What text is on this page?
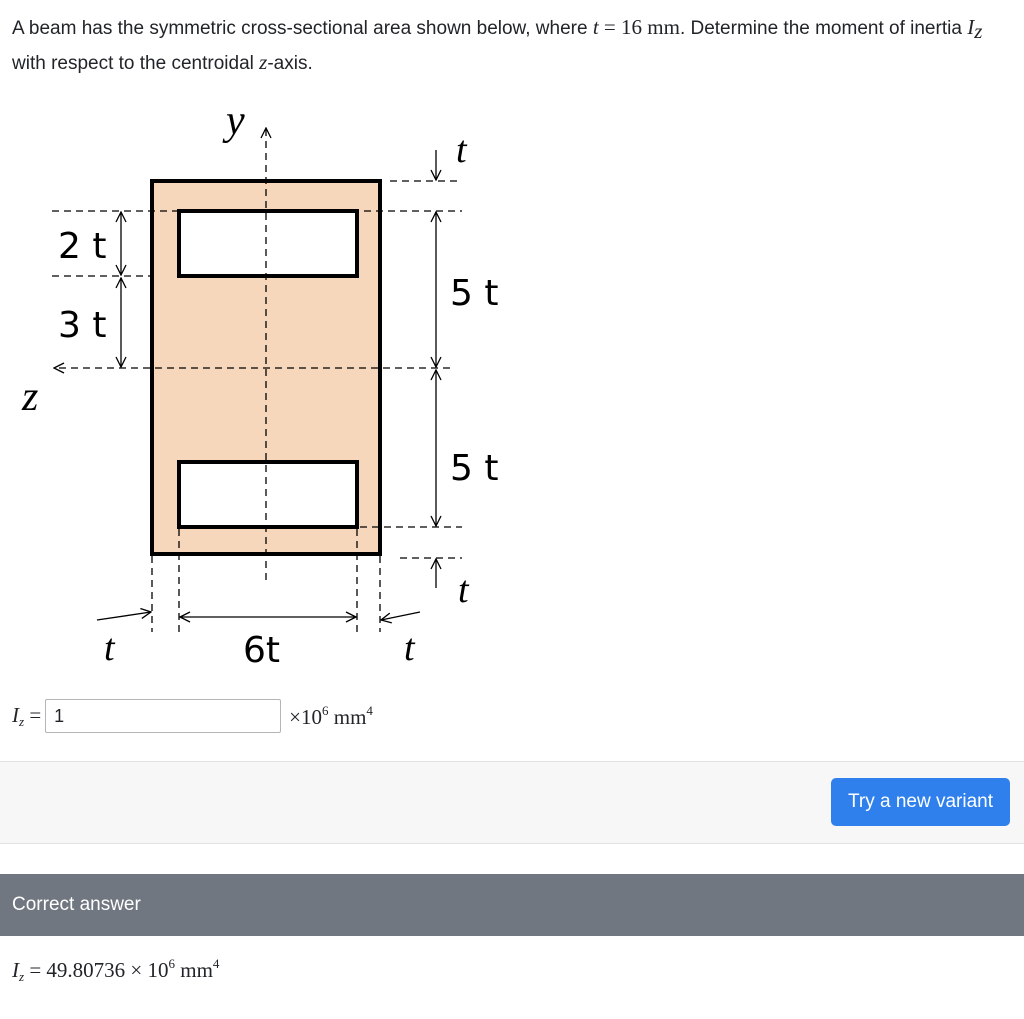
A beam has the symmetric cross-sectional area shown below, where t = 16 mm. Determine the moment of inertia $I_z$ with respect to the centroidal z-axis.
y
z
2 t
3 t
5 t
5 t
t
t
t	6t	t
$I_z$ =
1	$\times 10^6$ $mm^4$
Try a new variant
Correct answer
$I_z = 49.80736 \times 10^6$ $mm^4$
